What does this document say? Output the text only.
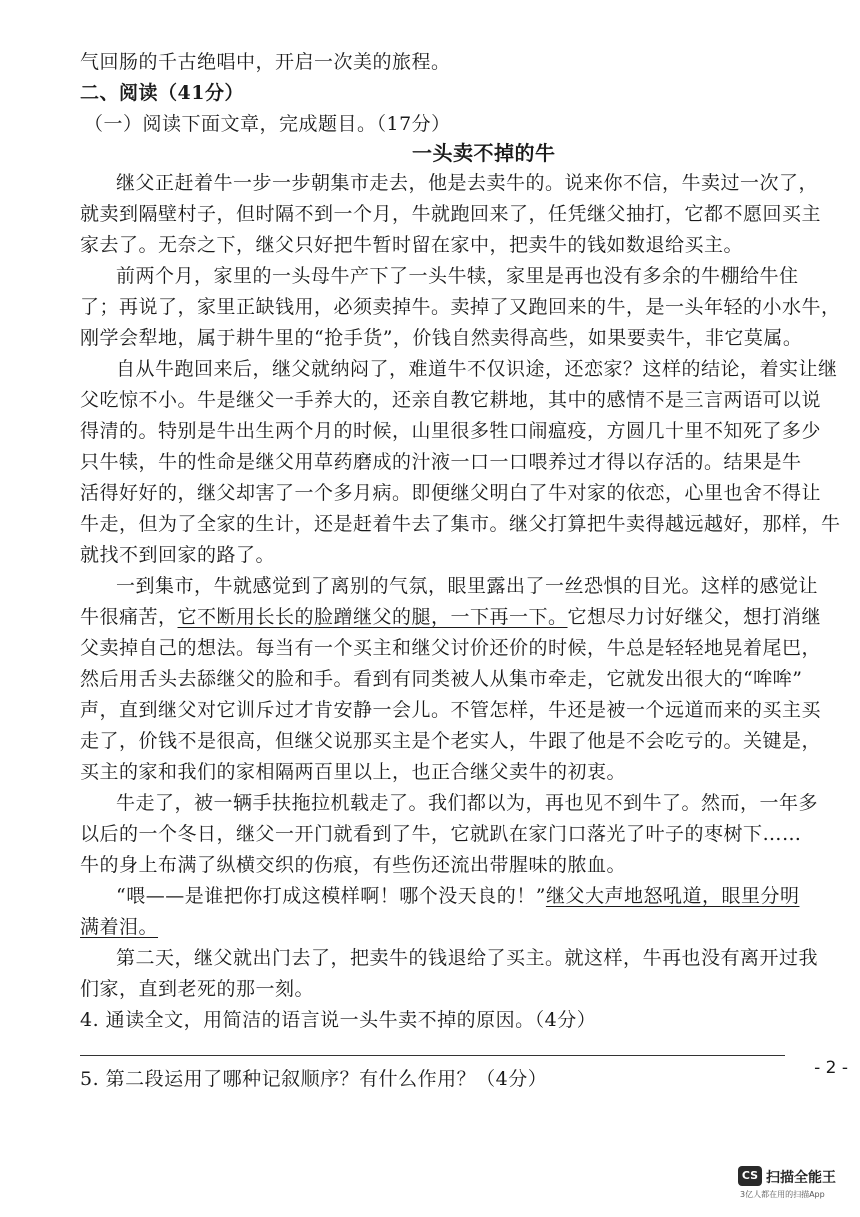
气回肠的千古绝唱中，开启一次美的旅程。
二、阅读（41分）
（一）阅读下面文章，完成题目。（17分）
一头卖不掉的牛
继父正赶着牛一步一步朝集市走去，他是去卖牛的。说来你不信，牛卖过一次了，
就卖到隔壁村子，但时隔不到一个月，牛就跑回来了，任凭继父抽打，它都不愿回买主
家去了。无奈之下，继父只好把牛暂时留在家中，把卖牛的钱如数退给买主。
前两个月，家里的一头母牛产下了一头牛犊，家里是再也没有多余的牛棚给牛住
了；再说了，家里正缺钱用，必须卖掉牛。卖掉了又跑回来的牛，是一头年轻的小水牛，
刚学会犁地，属于耕牛里的“抢手货”，价钱自然卖得高些，如果要卖牛，非它莫属。
自从牛跑回来后，继父就纳闷了，难道牛不仅识途，还恋家？这样的结论，着实让继
父吃惊不小。牛是继父一手养大的，还亲自教它耕地，其中的感情不是三言两语可以说
得清的。特别是牛出生两个月的时候，山里很多牲口闹瘟疫，方圆几十里不知死了多少
只牛犊，牛的性命是继父用草药磨成的汁液一口一口喂养过才得以存活的。结果是牛
活得好好的，继父却害了一个多月病。即便继父明白了牛对家的依恋，心里也舍不得让
牛走，但为了全家的生计，还是赶着牛去了集市。继父打算把牛卖得越远越好，那样，牛
就找不到回家的路了。
一到集市，牛就感觉到了离别的气氛，眼里露出了一丝恐惧的目光。这样的感觉让
牛很痛苦，它不断用长长的脸蹭继父的腿，一下再一下。它想尽力讨好继父，想打消继
父卖掉自己的想法。每当有一个买主和继父讨价还价的时候，牛总是轻轻地晃着尾巴，
然后用舌头去舔继父的脸和手。看到有同类被人从集市牵走，它就发出很大的“哞哞”
声，直到继父对它训斥过才肯安静一会儿。不管怎样，牛还是被一个远道而来的买主买
走了，价钱不是很高，但继父说那买主是个老实人，牛跟了他是不会吃亏的。关键是，
买主的家和我们的家相隔两百里以上，也正合继父卖牛的初衷。
牛走了，被一辆手扶拖拉机载走了。我们都以为，再也见不到牛了。然而，一年多
以后的一个冬日，继父一开门就看到了牛，它就趴在家门口落光了叶子的枣树下……
牛的身上布满了纵横交织的伤痕，有些伤还流出带腥味的脓血。
“喂——是谁把你打成这模样啊！哪个没天良的！”继父大声地怒吼道，眼里分明
满着泪。
第二天，继父就出门去了，把卖牛的钱退给了买主。就这样，牛再也没有离开过我
们家，直到老死的那一刻。
4. 通读全文，用简洁的语言说一头牛卖不掉的原因。（4分）
5. 第二段运用了哪种记叙顺序？有什么作用？（4分）	- 2 -
CS 扫描全能王
3亿人都在用的扫描App
